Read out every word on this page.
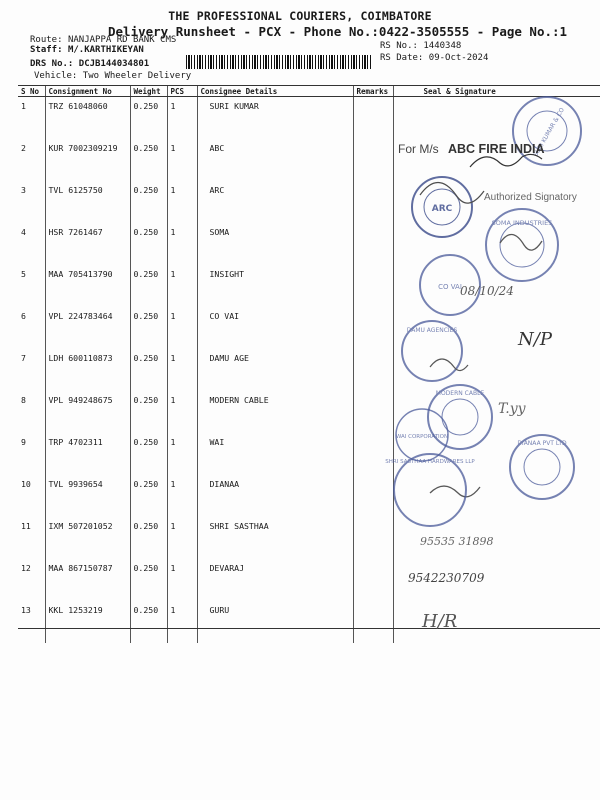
THE PROFESSIONAL COURIERS, COIMBATORE
Delivery Runsheet - PCX - Phone No.:0422-3505555 - Page No.:1
Route: NANJAPPA RD BANK CMS
Staff: M/.KARTHIKEYAN
DRS No.: DCJB144034801
Vehicle: Two Wheeler Delivery
RS No.: 1440348
RS Date: 09-Oct-2024
S No	Consignment No	Weight	PCS	Consignee Details	Remarks	Seal & Signature
1	TRZ 61048060	0.250	1	SURI KUMAR		
2	KUR 7002309219	0.250	1	ABC		
3	TVL 6125750	0.250	1	ARC		
4	HSR 7261467	0.250	1	SOMA		
5	MAA 705413790	0.250	1	INSIGHT		
6	VPL 224783464	0.250	1	CO VAI		
7	LDH 600110873	0.250	1	DAMU AGE		
8	VPL 949248675	0.250	1	MODERN CABLE		
9	TRP 4702311	0.250	1	WAI		
10	TVL 9939654	0.250	1	DIANAA		
11	IXM 507201052	0.250	1	SHRI SASTHAA		
12	MAA 867150787	0.250	1	DEVARAJ		
13	KKL 1253219	0.250	1	GURU		
SURI KUMAR & CO
For M/s ABC FIRE INDIA
Authorized Signatory
ARC
SOMA INDUSTRIES
CO VAI
08/10/24
N/P
DAMU AGENCIES
MODERN CABLE
T.yy
WAI CORPORATION
DIANAA PVT LTD
SHRI SASTHAA HARDWARES LLP
95535 31898
9542230709
H/R
